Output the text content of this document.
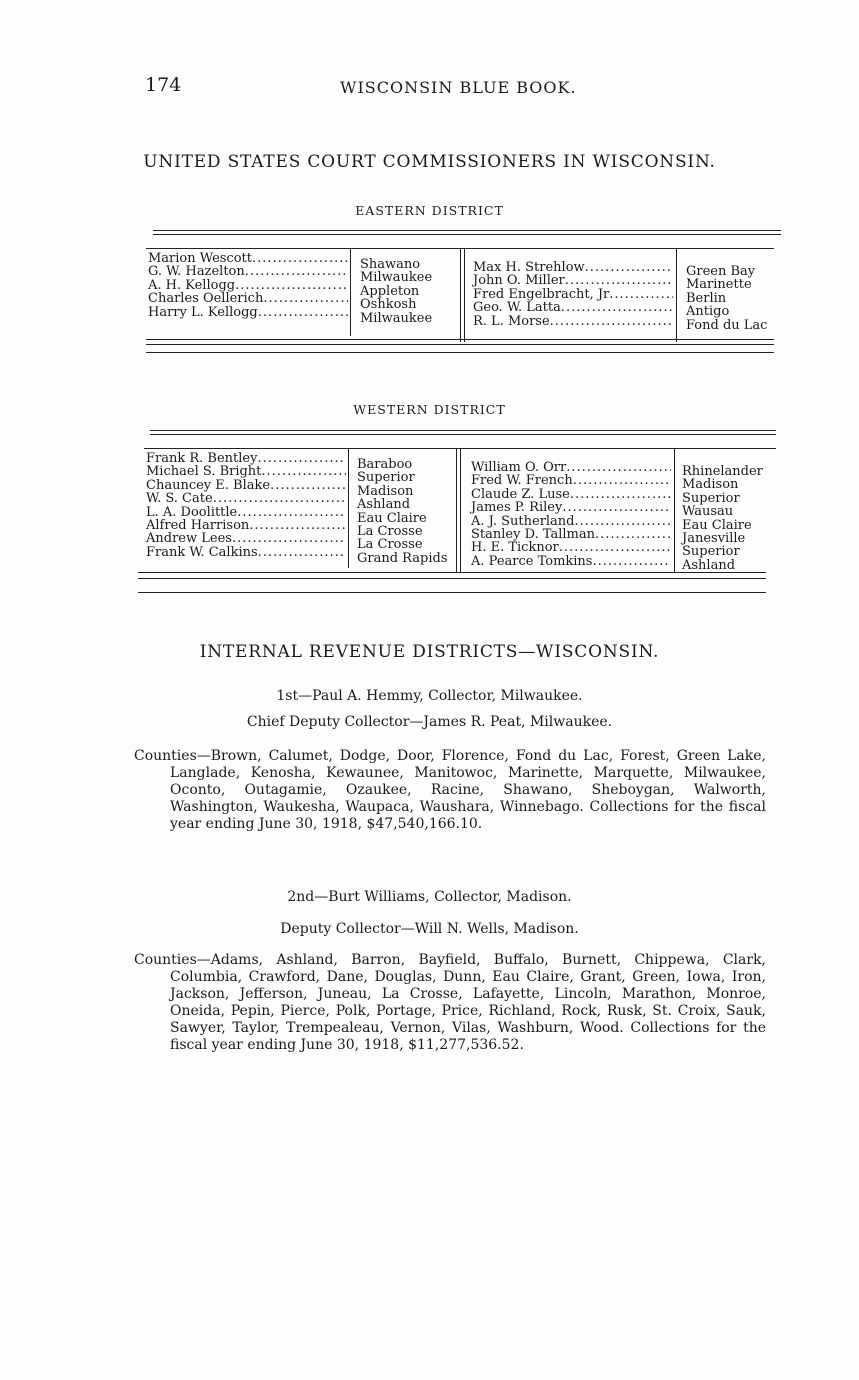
174	WISCONSIN BLUE BOOK.
UNITED STATES COURT COMMISSIONERS IN WISCONSIN.
EASTERN DISTRICT
Marion Wescott
.....
G. W. Hazelton
.....
A. H. Kellogg
.....
Charles Oellerich
.....
Harry L. Kellogg
.....
Shawano
Milwaukee
Appleton
Oshkosh
Milwaukee
Max H. Strehlow
.....
John O. Miller
.....
Fred Engelbracht, Jr
.....
Geo. W. Latta
.....
R. L. Morse
.....
Green Bay
Marinette
Berlin
Antigo
Fond du Lac
WESTERN DISTRICT
Frank R. Bentley
.....
Michael S. Bright
.....
Chauncey E. Blake
.....
W. S. Cate
.....
L. A. Doolittle
.....
Alfred Harrison
.....
Andrew Lees
.....
Frank W. Calkins
.....
Baraboo
Superior
Madison
Ashland
Eau Claire
La Crosse
La Crosse
Grand Rapids
William O. Orr
.....
Fred W. French
.....
Claude Z. Luse
.....
James P. Riley
.....
A. J. Sutherland
.....
Stanley D. Tallman
.....
H. E. Ticknor
.....
A. Pearce Tomkins
.....
Rhinelander
Madison
Superior
Wausau
Eau Claire
Janesville
Superior
Ashland
INTERNAL REVENUE DISTRICTS—WISCONSIN.
1st—Paul A. Hemmy, Collector, Milwaukee.
Chief Deputy Collector—James R. Peat, Milwaukee.
Counties—Brown, Calumet, Dodge, Door, Florence, Fond du Lac, Forest, Green Lake, Langlade, Kenosha, Kewaunee, Manitowoc, Marinette, Marquette, Milwaukee, Oconto, Outagamie, Ozaukee, Racine, Shawano, Sheboygan, Walworth, Washington, Waukesha, Waupaca, Waushara, Winnebago. Collections for the fiscal year ending June 30, 1918, $47,540,166.10.
2nd—Burt Williams, Collector, Madison.
Deputy Collector—Will N. Wells, Madison.
Counties—Adams, Ashland, Barron, Bayfield, Buffalo, Burnett, Chippewa, Clark, Columbia, Crawford, Dane, Douglas, Dunn, Eau Claire, Grant, Green, Iowa, Iron, Jackson, Jefferson, Juneau, La Crosse, Lafayette, Lincoln, Marathon, Monroe, Oneida, Pepin, Pierce, Polk, Portage, Price, Richland, Rock, Rusk, St. Croix, Sauk, Sawyer, Taylor, Trempealeau, Vernon, Vilas, Washburn, Wood. Collections for the fiscal year ending June 30, 1918, $11,277,536.52.
